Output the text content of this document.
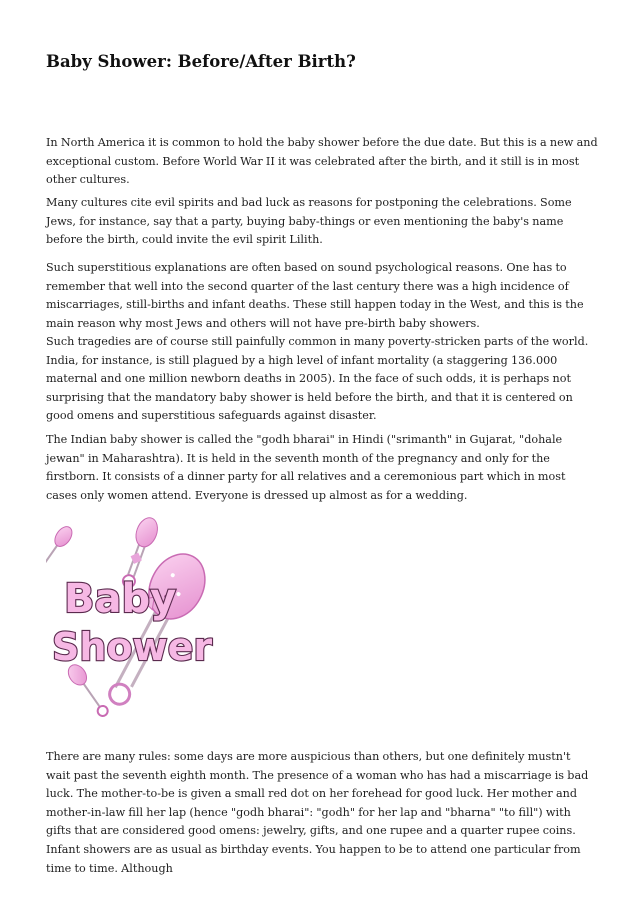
Baby Shower: Before/After Birth?

In North America it is common to hold the baby shower before the due date. But this is a new and exceptional custom. Before World War II it was celebrated after the birth, and it still is in most other cultures.

Many cultures cite evil spirits and bad luck as reasons for postponing the celebrations. Some Jews, for instance, say that a party, buying baby-things or even mentioning the baby's name before the birth, could invite the evil spirit Lilith.

Such superstitious explanations are often based on sound psychological reasons. One has to remember that well into the second quarter of the last century there was a high incidence of miscarriages, still-births and infant deaths. These still happen today in the West, and this is the main reason why most Jews and others will not have pre-birth baby showers.

Such tragedies are of course still painfully common in many poverty-stricken parts of the world. India, for instance, is still plagued by a high level of infant mortality (a staggering 136.000 maternal and one million newborn deaths in 2005). In the face of such odds, it is perhaps not surprising that the mandatory baby shower is held before the birth, and that it is centered on good omens and superstitious safeguards against disaster.

The Indian baby shower is called the "godh bharai" in Hindi ("srimanth" in Gujarat, "dohale jewan" in Maharashtra). It is held in the seventh month of the pregnancy and only for the firstborn. It consists of a dinner party for all relatives and a ceremonious part which in most cases only women attend. Everyone is dressed up almost as for a wedding.

Baby
Shower

There are many rules: some days are more auspicious than others, but one definitely mustn't wait past the seventh eighth month. The presence of a woman who has had a miscarriage is bad luck. The mother-to-be is given a small red dot on her forehead for good luck. Her mother and mother-in-law fill her lap (hence "godh bharai": "godh" for her lap and "bharna" "to fill") with gifts that are considered good omens: jewelry, gifts, and one rupee and a quarter rupee coins. Infant showers are as usual as birthday events. You happen to be to attend one particular from time to time. Although
